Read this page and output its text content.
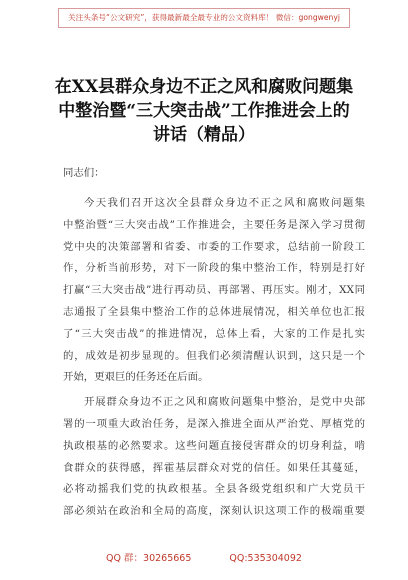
关注头条号“公文研究”，获得最新最全最专业的公文资料库！ 微信：gongwenyj
在XX县群众身边不正之风和腐败问题集
中整治暨“三大突击战”工作推进会上的
讲话（精品）
同志们：
今天我们召开这次全县群众身边不正之风和腐败问题集
中整治暨“三大突击战”工作推进会，主要任务是深入学习贯彻
党中央的决策部署和省委、市委的工作要求，总结前一阶段工
作，分析当前形势，对下一阶段的集中整治工作，特别是打好
打赢“三大突击战”进行再动员、再部署、再压实。刚才，XX同
志通报了全县集中整治工作的总体进展情况，相关单位也汇报
了“三大突击战”的推进情况，总体上看，大家的工作是扎实
的，成效是初步显现的。但我们必须清醒认识到，这只是一个
开始，更艰巨的任务还在后面。
开展群众身边不正之风和腐败问题集中整治，是党中央部
署的一项重大政治任务，是深入推进全面从严治党、厚植党的
执政根基的必然要求。这些问题直接侵害群众的切身利益，啃
食群众的获得感，挥霍基层群众对党的信任。如果任其蔓延，
必将动摇我们党的执政根基。全县各级党组织和广大党员干
部必须站在政治和全局的高度，深刻认识这项工作的极端重要
QQ 群：30265665	QQ:535304092
